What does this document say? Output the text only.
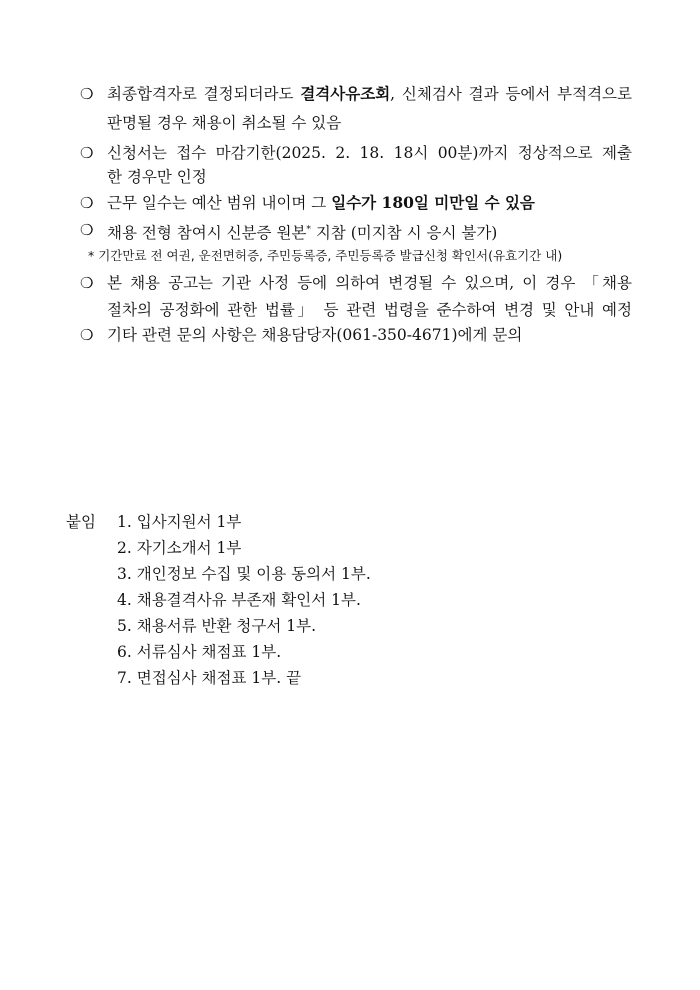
❍ 최종합격자로 결정되더라도 결격사유조회, 신체검사 결과 등에서 부적격으로
판명될 경우 채용이 취소될 수 있음
❍ 신청서는 접수 마감기한(2025. 2. 18. 18시 00분)까지 정상적으로 제출
한 경우만 인정
❍ 근무 일수는 예산 범위 내이며 그 일수가 180일 미만일 수 있음
❍ 채용 전형 참여시 신분증 원본* 지참 (미지참 시 응시 불가)
* 기간만료 전 여권, 운전면허증, 주민등록증, 주민등록증 발급신청 확인서(유효기간 내)
❍ 본 채용 공고는 기관 사정 등에 의하여 변경될 수 있으며, 이 경우 「채용
절차의 공정화에 관한 법률」 등 관련 법령을 준수하여 변경 및 안내 예정
❍ 기타 관련 문의 사항은 채용담당자(061-350-4671)에게 문의
붙임 1. 입사지원서 1부
2. 자기소개서 1부
3. 개인정보 수집 및 이용 동의서 1부.
4. 채용결격사유 부존재 확인서 1부.
5. 채용서류 반환 청구서 1부.
6. 서류심사 채점표 1부.
7. 면접심사 채점표 1부. 끝
